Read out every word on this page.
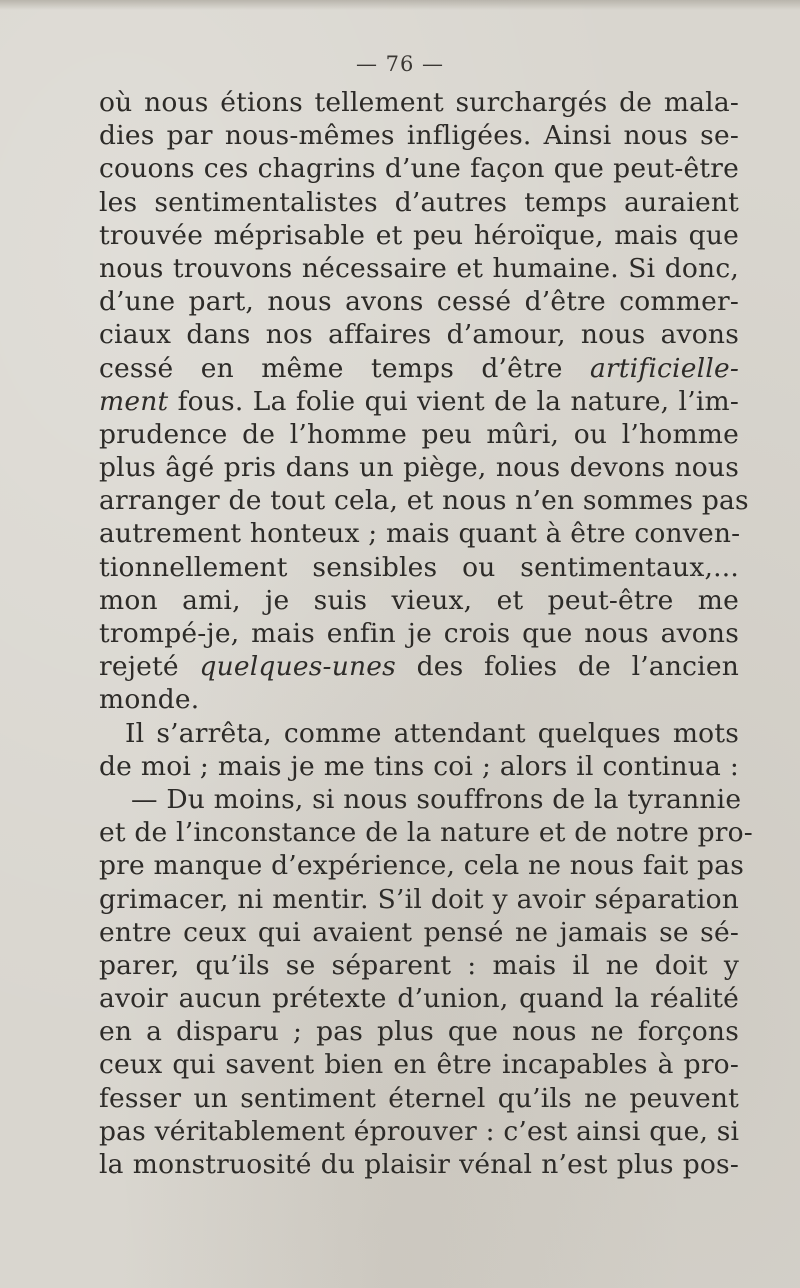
— 76 —
où nous étions tellement surchargés de mala-
dies par nous-mêmes infligées. Ainsi nous se-
couons ces chagrins d’une façon que peut-être
les sentimentalistes d’autres temps auraient
trouvée méprisable et peu héroïque, mais que
nous trouvons nécessaire et humaine. Si donc,
d’une part, nous avons cessé d’être commer-
ciaux dans nos affaires d’amour, nous avons
cessé en même temps d’être artificielle-
ment fous. La folie qui vient de la nature, l’im-
prudence de l’homme peu mûri, ou l’homme
plus âgé pris dans un piège, nous devons nous
arranger de tout cela, et nous n’en sommes pas
autrement honteux ; mais quant à être conven-
tionnellement sensibles ou sentimentaux,...
mon ami, je suis vieux, et peut-être me
trompé-je, mais enfin je crois que nous avons
rejeté quelques-unes des folies de l’ancien
monde.
Il s’arrêta, comme attendant quelques mots
de moi ; mais je me tins coi ; alors il continua :
— Du moins, si nous souffrons de la tyrannie
et de l’inconstance de la nature et de notre pro-
pre manque d’expérience, cela ne nous fait pas
grimacer, ni mentir. S’il doit y avoir séparation
entre ceux qui avaient pensé ne jamais se sé-
parer, qu’ils se séparent : mais il ne doit y
avoir aucun prétexte d’union, quand la réalité
en a disparu ; pas plus que nous ne forçons
ceux qui savent bien en être incapables à pro-
fesser un sentiment éternel qu’ils ne peuvent
pas véritablement éprouver : c’est ainsi que, si
la monstruosité du plaisir vénal n’est plus pos-
